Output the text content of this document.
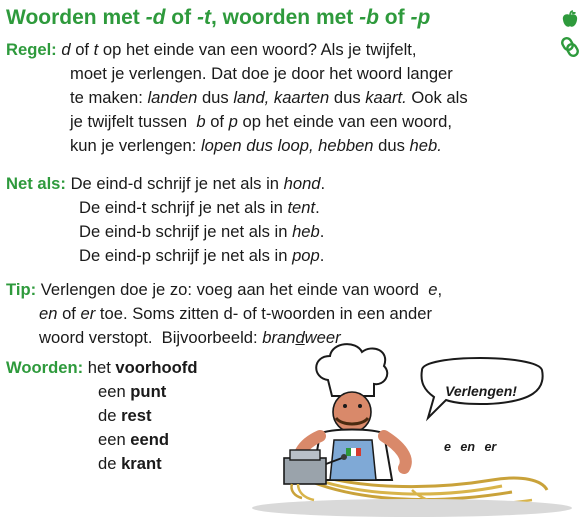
Woorden met -d of -t, woorden met -b of -p
Regel: d of t op het einde van een woord? Als je twijfelt,
moet je verlengen. Dat doe je door het woord langer
te maken: landen dus land, kaarten dus kaart. Ook als
je twijfelt tussen  b of p op het einde van een woord,
kun je verlengen: lopen dus loop, hebben dus heb.
Net als: De eind-d schrijf je net als in hond.
De eind-t schrijf je net als in tent.
De eind-b schrijf je net als in heb.
De eind-p schrijf je net als in pop.
Tip: Verlengen doe je zo: voeg aan het einde van woord  e,
en of er toe. Soms zitten d- of t-woorden in een ander
woord verstopt.  Bijvoorbeeld: brandweer
Woorden: het voorhoofd
een punt
de rest
een eend
de krant
Verlengen!
e en er
